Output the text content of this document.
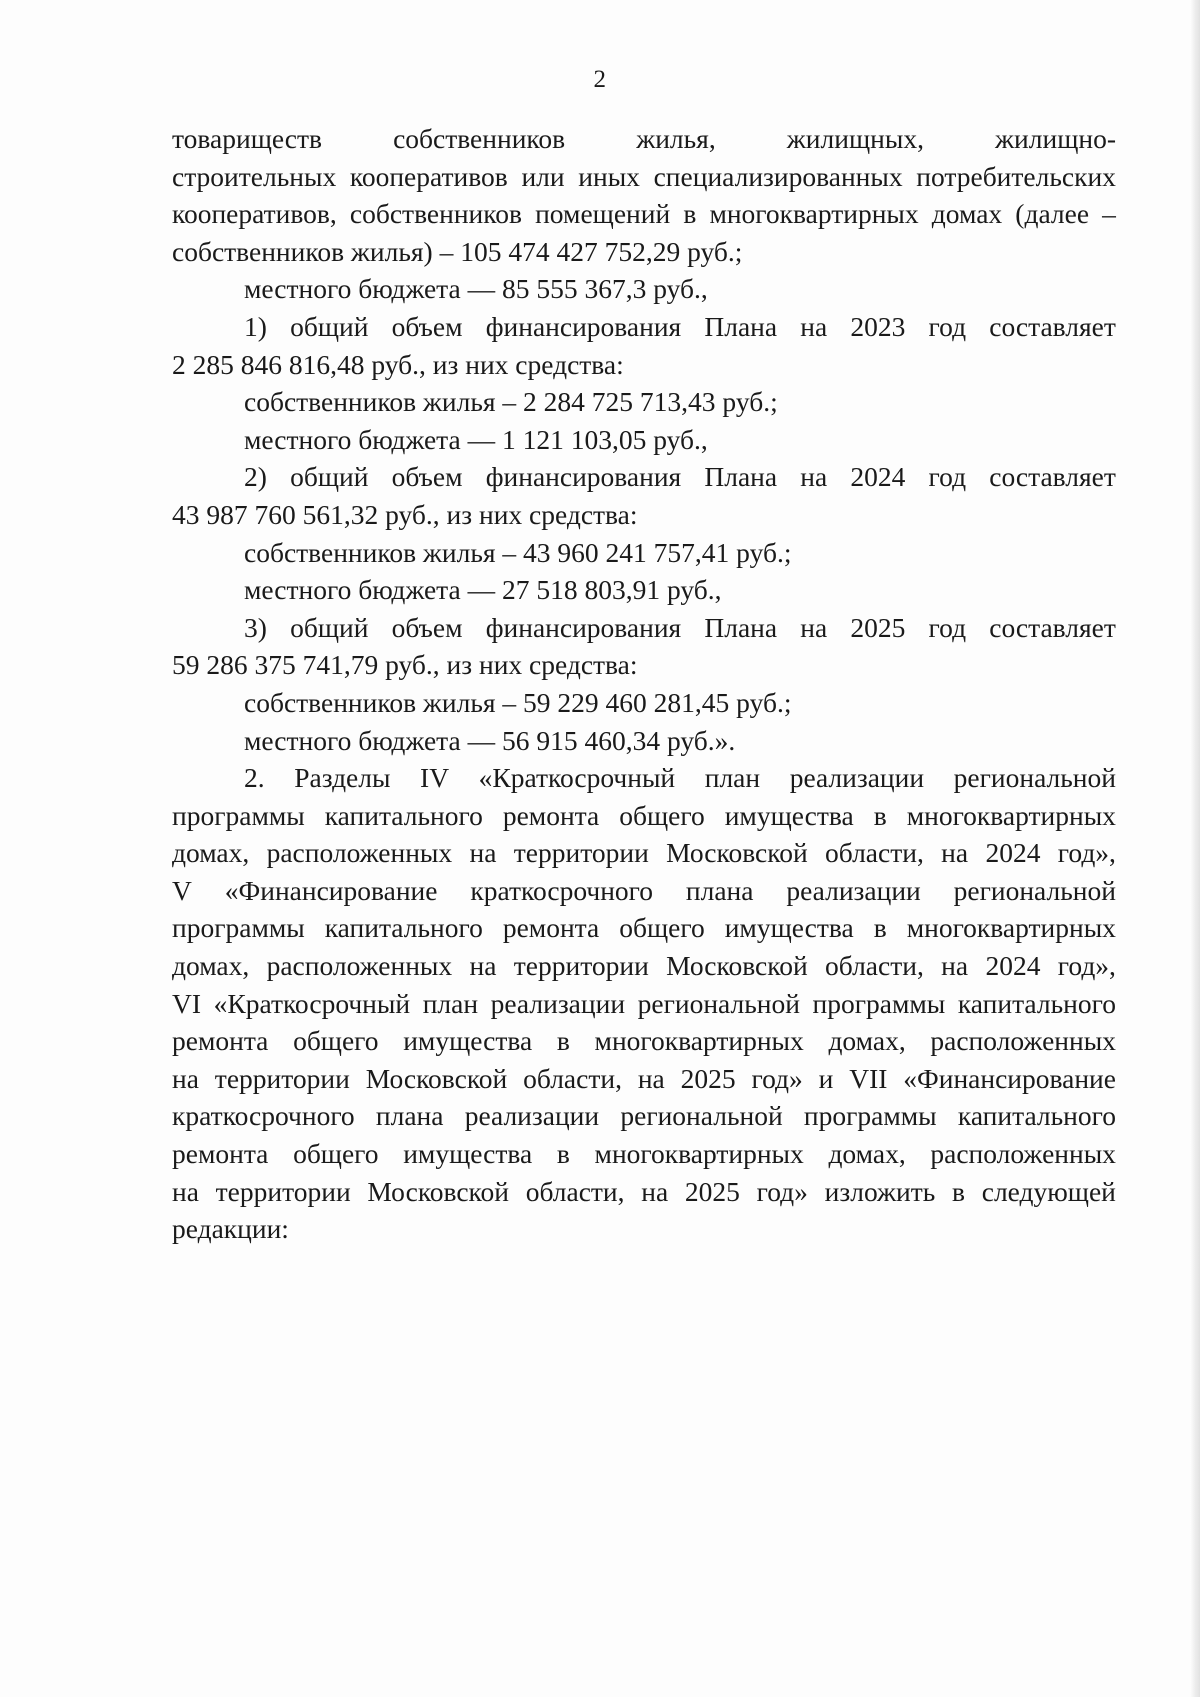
2
товариществ	собственников	жилья,	жилищных,	жилищно-
строительных кооперативов или иных специализированных потребительских
кооперативов, собственников помещений в многоквартирных домах (далее –
собственников жилья) – 105 474 427 752,29 руб.;
местного бюджета — 85 555 367,3 руб.,
1) общий объем финансирования Плана на 2023 год составляет
2 285 846 816,48 руб., из них средства:
собственников жилья – 2 284 725 713,43 руб.;
местного бюджета — 1 121 103,05 руб.,
2) общий объем финансирования Плана на 2024 год составляет
43 987 760 561,32 руб., из них средства:
собственников жилья – 43 960 241 757,41 руб.;
местного бюджета — 27 518 803,91 руб.,
3) общий объем финансирования Плана на 2025 год составляет
59 286 375 741,79 руб., из них средства:
собственников жилья – 59 229 460 281,45 руб.;
местного бюджета — 56 915 460,34 руб.».
2. Разделы IV «Краткосрочный план реализации региональной
программы капитального ремонта общего имущества в многоквартирных
домах, расположенных на территории Московской области, на 2024 год»,
V «Финансирование краткосрочного плана реализации региональной
программы капитального ремонта общего имущества в многоквартирных
домах, расположенных на территории Московской области, на 2024 год»,
VI «Краткосрочный план реализации региональной программы капитального
ремонта общего имущества в многоквартирных домах, расположенных
на территории Московской области, на 2025 год» и VII «Финансирование
краткосрочного плана реализации региональной программы капитального
ремонта общего имущества в многоквартирных домах, расположенных
на территории Московской области, на 2025 год» изложить в следующей
редакции:
